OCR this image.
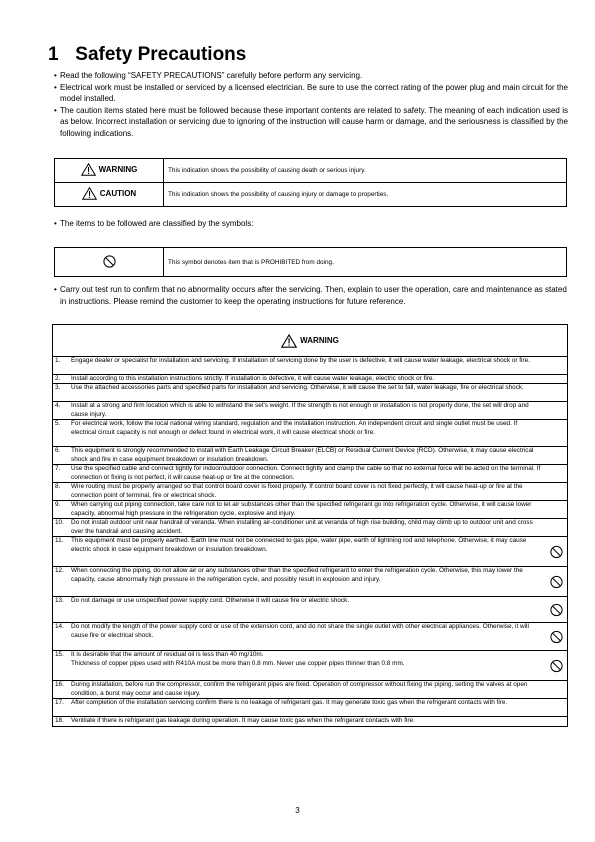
1 Safety Precautions

• Read the following “SAFETY PRECAUTIONS” carefully before perform any servicing.

• Electrical work must be installed or serviced by a licensed electrician. Be sure to use the correct rating of the power plug and main circuit for the model installed.

• The caution items stated here must be followed because these important contents are related to safety. The meaning of each indication used is as below. Incorrect installation or servicing due to ignoring of the instruction will cause harm or damage, and the seriousness is classified by the following indications.

WARNING	This indication shows the possibility of causing death or serious injury.

CAUTION	This indication shows the possibility of causing injury or damage to properties.
• The items to be followed are classified by the symbols:
	This symbol denotes item that is PROHIBITED from doing.
• Carry out test run to confirm that no abnormality occurs after the servicing. Then, explain to user the operation, care and maintenance as stated in instructions. Please remind the customer to keep the operating instructions for future reference.
WARNING
1. Engage dealer or specialist for installation and servicing. If installation of servicing done by the user is defective, it will cause water leakage, electrical shock or fire.
2. Install according to this installation instructions strictly. If installation is defective, it will cause water leakage, electric shock or fire.
3. Use the attached accessories parts and specified parts for installation and servicing. Otherwise, it will cause the set to fall, water leakage, fire or electrical shock.
4. Install at a strong and firm location which is able to withstand the set's weight. If the strength is not enough or installation is not properly done, the set will drop and cause injury.
5. For electrical work, follow the local national wiring standard, regulation and the installation instruction. An independent circuit and single outlet must be used. If electrical circuit capacity is not enough or defect found in electrical work, it will cause electrical shock or fire.
6. This equipment is strongly recommended to install with Earth Leakage Circuit Breaker (ELCB) or Residual Current Device (RCD). Otherwise, it may cause electrical shock and fire in case equipment breakdown or insulation breakdown.
7. Use the specified cable and connect tightly for indoor/outdoor connection. Connect tightly and clamp the cable so that no external force will be acted on the terminal. If connection or fixing is not perfect, it will cause heat-up or fire at the connection.
8. Wire routing must be properly arranged so that control board cover is fixed properly. If control board cover is not fixed perfectly, it will cause heat-up or fire at the connection point of terminal, fire or electrical shock.
9. When carrying out piping connection, take care not to let air substances other than the specified refrigerant go into refrigeration cycle. Otherwise, it will cause lower capacity, abnormal high pressure in the refrigeration cycle, explosive and injury.
10. Do not install outdoor unit near handrail of veranda. When installing air-conditioner unit at veranda of high rise building, child may climb up to outdoor unit and cross over the handrail and causing accident.
11. This equipment must be properly earthed. Earth line must not be connected to gas pipe, water pipe, earth of lightning rod and telephone. Otherwise, it may cause electric shock in case equipment breakdown or insulation breakdown.
12. When connecting the piping, do not allow air or any substances other than the specified refrigerant to enter the refrigeration cycle. Otherwise, this may lower the capacity, cause abnormally high pressure in the refrigeration cycle, and possibly result in explosion and injury.
13. Do not damage or use unspecified power supply cord. Otherwise it will cause fire or electric shock.
14. Do not modify the length of the power supply cord or use of the extension cord, and do not share the single outlet with other electrical appliances. Otherwise, it will cause fire or electrical shock.
15. It is desirable that the amount of residual oil is less than 40 mg/10m.
Thickness of copper pipes used with R410A must be more than 0.8 mm. Never use copper pipes thinner than 0.8 mm.
16. During installation, before run the compressor, confirm the refrigerant pipes are fixed. Operation of compressor without fixing the piping, setting the valves at open condition, a burst may occur and cause injury.
17. After completion of the installation servicing confirm there is no leakage of refrigerant gas. It may generate toxic gas when the refrigerant contacts with fire.
18. Ventilate if there is refrigerant gas leakage during operation. It may cause toxic gas when the refrigerant contacts with fire.
3
